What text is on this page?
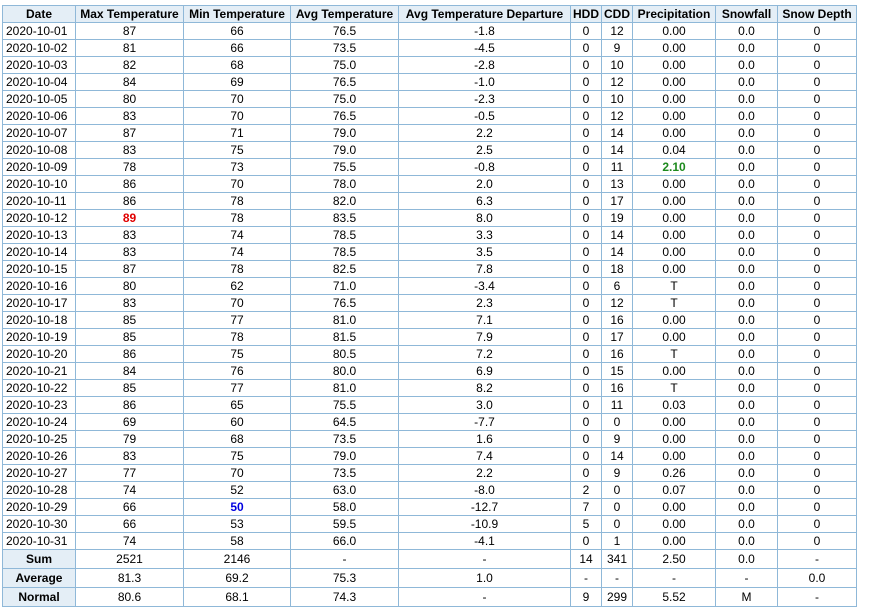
Date	Max Temperature	Min Temperature	Avg Temperature	Avg Temperature Departure	HDD	CDD	Precipitation	Snowfall	Snow Depth
2020-10-01	87	66	76.5	-1.8	0	12	0.00	0.0	0
2020-10-02	81	66	73.5	-4.5	0	9	0.00	0.0	0
2020-10-03	82	68	75.0	-2.8	0	10	0.00	0.0	0
2020-10-04	84	69	76.5	-1.0	0	12	0.00	0.0	0
2020-10-05	80	70	75.0	-2.3	0	10	0.00	0.0	0
2020-10-06	83	70	76.5	-0.5	0	12	0.00	0.0	0
2020-10-07	87	71	79.0	2.2	0	14	0.00	0.0	0
2020-10-08	83	75	79.0	2.5	0	14	0.04	0.0	0
2020-10-09	78	73	75.5	-0.8	0	11	2.10	0.0	0
2020-10-10	86	70	78.0	2.0	0	13	0.00	0.0	0
2020-10-11	86	78	82.0	6.3	0	17	0.00	0.0	0
2020-10-12	89	78	83.5	8.0	0	19	0.00	0.0	0
2020-10-13	83	74	78.5	3.3	0	14	0.00	0.0	0
2020-10-14	83	74	78.5	3.5	0	14	0.00	0.0	0
2020-10-15	87	78	82.5	7.8	0	18	0.00	0.0	0
2020-10-16	80	62	71.0	-3.4	0	6	T	0.0	0
2020-10-17	83	70	76.5	2.3	0	12	T	0.0	0
2020-10-18	85	77	81.0	7.1	0	16	0.00	0.0	0
2020-10-19	85	78	81.5	7.9	0	17	0.00	0.0	0
2020-10-20	86	75	80.5	7.2	0	16	T	0.0	0
2020-10-21	84	76	80.0	6.9	0	15	0.00	0.0	0
2020-10-22	85	77	81.0	8.2	0	16	T	0.0	0
2020-10-23	86	65	75.5	3.0	0	11	0.03	0.0	0
2020-10-24	69	60	64.5	-7.7	0	0	0.00	0.0	0
2020-10-25	79	68	73.5	1.6	0	9	0.00	0.0	0
2020-10-26	83	75	79.0	7.4	0	14	0.00	0.0	0
2020-10-27	77	70	73.5	2.2	0	9	0.26	0.0	0
2020-10-28	74	52	63.0	-8.0	2	0	0.07	0.0	0
2020-10-29	66	50	58.0	-12.7	7	0	0.00	0.0	0
2020-10-30	66	53	59.5	-10.9	5	0	0.00	0.0	0
2020-10-31	74	58	66.0	-4.1	0	1	0.00	0.0	0
Sum	2521	2146	-	-	14	341	2.50	0.0	-
Average	81.3	69.2	75.3	1.0	-	-	-	-	0.0
Normal	80.6	68.1	74.3	-	9	299	5.52	M	-
